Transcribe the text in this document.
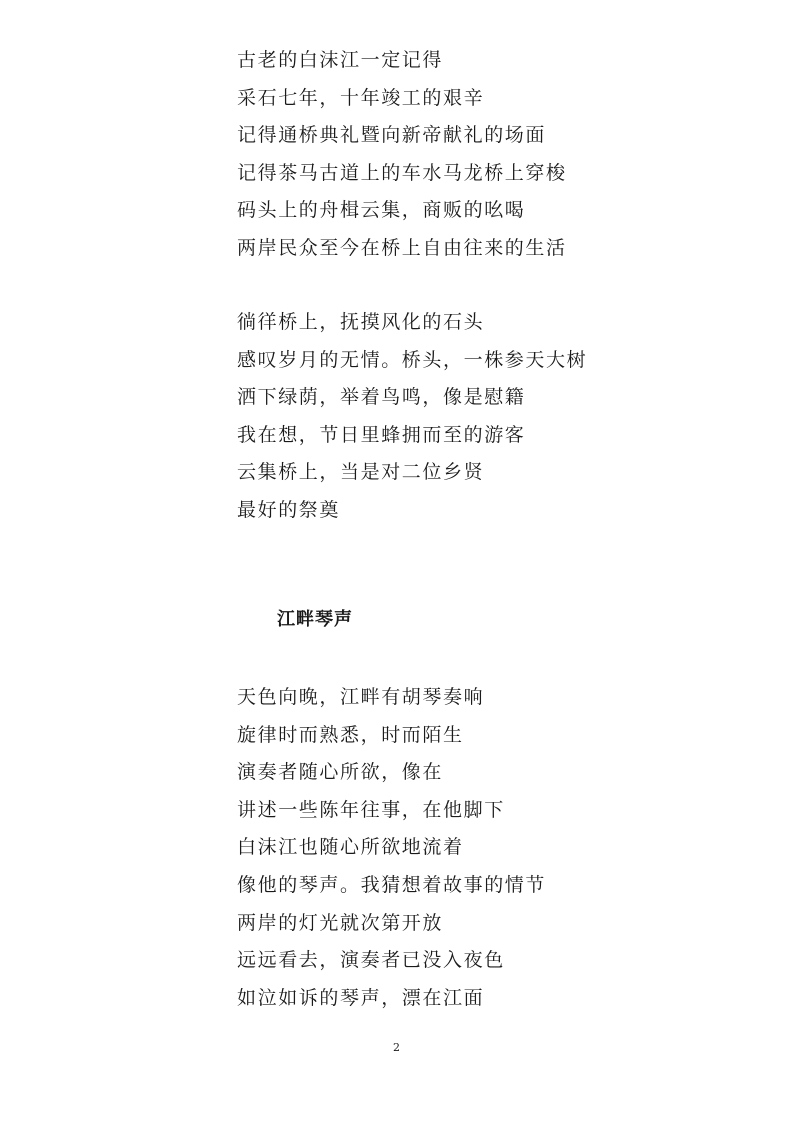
古老的白沫江一定记得
采石七年，十年竣工的艰辛
记得通桥典礼暨向新帝献礼的场面
记得茶马古道上的车水马龙桥上穿梭
码头上的舟楫云集，商贩的吆喝
两岸民众至今在桥上自由往来的生活
徜徉桥上，抚摸风化的石头
感叹岁月的无情。桥头，一株参天大树
洒下绿荫，举着鸟鸣，像是慰籍
我在想，节日里蜂拥而至的游客
云集桥上，当是对二位乡贤
最好的祭奠
江畔琴声
天色向晚，江畔有胡琴奏响
旋律时而熟悉，时而陌生
演奏者随心所欲，像在
讲述一些陈年往事，在他脚下
白沫江也随心所欲地流着
像他的琴声。我猜想着故事的情节
两岸的灯光就次第开放
远远看去，演奏者已没入夜色
如泣如诉的琴声，漂在江面
2
